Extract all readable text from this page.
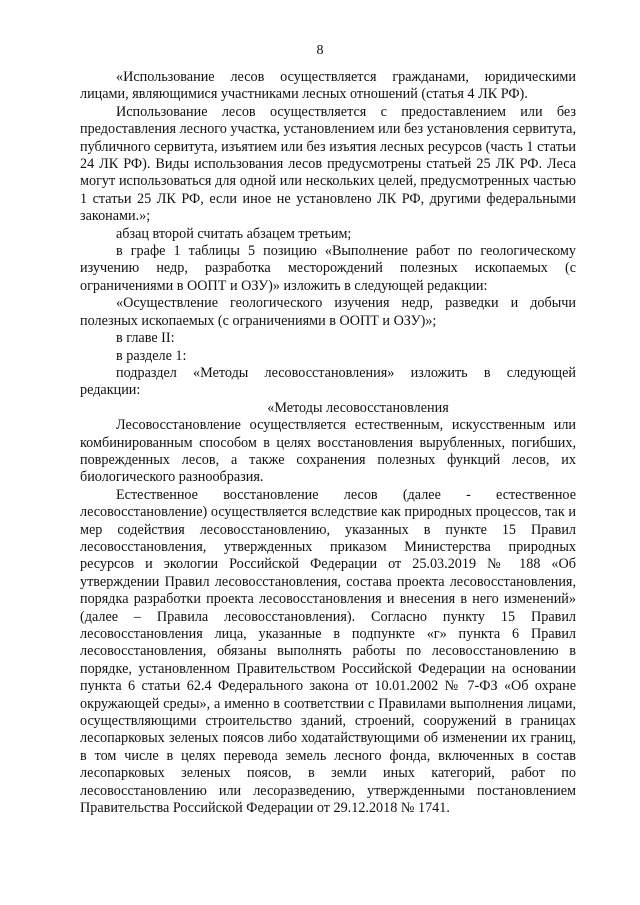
8

«Использование лесов осуществляется гражданами, юридическими лицами, являющимися участниками лесных отношений (статья 4 ЛК РФ).

Использование лесов осуществляется с предоставлением или без предоставления лесного участка, установлением или без установления сервитута, публичного сервитута, изъятием или без изъятия лесных ресурсов (часть 1 статьи 24 ЛК РФ). Виды использования лесов предусмотрены статьей 25 ЛК РФ. Леса могут использоваться для одной или нескольких целей, предусмотренных частью 1 статьи 25 ЛК РФ, если иное не установлено ЛК РФ, другими федеральными законами.»;

абзац второй считать абзацем третьим;

в графе 1 таблицы 5 позицию «Выполнение работ по геологическому изучению недр, разработка месторождений полезных ископаемых (с ограничениями в ООПТ и ОЗУ)» изложить в следующей редакции:

«Осуществление геологического изучения недр, разведки и добычи полезных ископаемых (с ограничениями в ООПТ и ОЗУ)»;

в главе II:

в разделе 1:

подраздел «Методы лесовосстановления» изложить в следующей редакции:

«Методы лесовосстановления

Лесовосстановление осуществляется естественным, искусственным или комбинированным способом в целях восстановления вырубленных, погибших, поврежденных лесов, а также сохранения полезных функций лесов, их биологического разнообразия.

Естественное восстановление лесов (далее - естественное лесовосстановление) осуществляется вследствие как природных процессов, так и мер содействия лесовосстановлению, указанных в пункте 15 Правил лесовосстановления, утвержденных приказом Министерства природных ресурсов и экологии Российской Федерации от 25.03.2019 № 188 «Об утверждении Правил лесовосстановления, состава проекта лесовосстановления, порядка разработки проекта лесовосстановления и внесения в него изменений» (далее – Правила лесовосстановления). Согласно пункту 15 Правил лесовосстановления лица, указанные в подпункте «г» пункта 6 Правил лесовосстановления, обязаны выполнять работы по лесовосстановлению в порядке, установленном Правительством Российской Федерации на основании пункта 6 статьи 62.4 Федерального закона от 10.01.2002 № 7-ФЗ «Об охране окружающей среды», а именно в соответствии с Правилами выполнения лицами, осуществляющими строительство зданий, строений, сооружений в границах лесопарковых зеленых поясов либо ходатайствующими об изменении их границ, в том числе в целях перевода земель лесного фонда, включенных в состав лесопарковых зеленых поясов, в земли иных категорий, работ по лесовосстановлению или лесоразведению, утвержденными постановлением Правительства Российской Федерации от 29.12.2018 № 1741.
